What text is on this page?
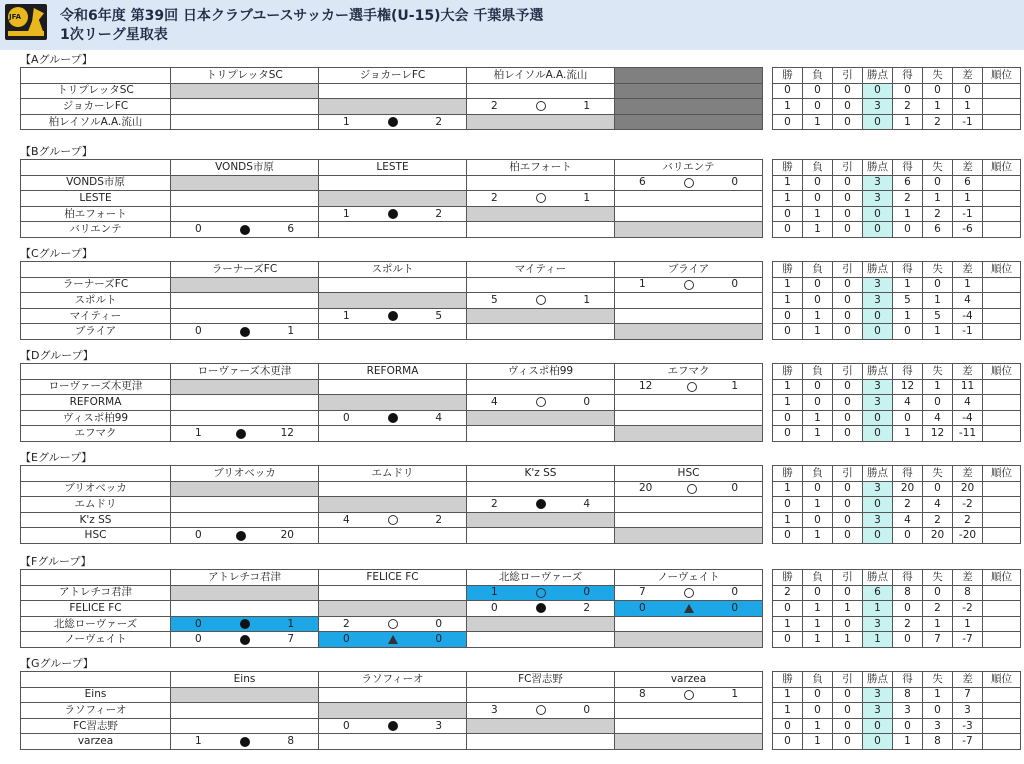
JFA	令和6年度 第39回 日本クラブユースサッカー選手権(U-15)大会 千葉県予選
1次リーグ星取表
【Aグループ】
	トリプレッタSC	ジョカーレFC	柏レイソルA.A.流山			勝	負	引	勝点	得	失	差	順位
トリプレッタSC						0	0	0	0	0	0	0	
ジョカーレFC			2 1			1	0	0	3	2	1	1	
柏レイソルA.A.流山		1 2				0	1	0	0	1	2	-1	
【Bグループ】
	VONDS市原	LESTE	柏エフォート	バリエンテ		勝	負	引	勝点	得	失	差	順位
VONDS市原				6 0		1	0	0	3	6	0	6	
LESTE			2 1			1	0	0	3	2	1	1	
柏エフォート		1 2				0	1	0	0	1	2	-1	
バリエンテ	0 6					0	1	0	0	0	6	-6	
【Cグループ】
	ラーナーズFC	スポルト	マイティー	ブライア		勝	負	引	勝点	得	失	差	順位
ラーナーズFC				1 0		1	0	0	3	1	0	1	
スポルト			5 1			1	0	0	3	5	1	4	
マイティー		1 5				0	1	0	0	1	5	-4	
ブライア	0 1					0	1	0	0	0	1	-1	
【Dグループ】
	ローヴァーズ木更津	REFORMA	ヴィスポ柏99	エフマク		勝	負	引	勝点	得	失	差	順位
ローヴァーズ木更津				12 1		1	0	0	3	12	1	11	
REFORMA			4 0			1	0	0	3	4	0	4	
ヴィスポ柏99		0 4				0	1	0	0	0	4	-4	
エフマク	1 12					0	1	0	0	1	12	-11	
【Eグループ】
	ブリオベッカ	エムドリ	K'z SS	HSC		勝	負	引	勝点	得	失	差	順位
ブリオベッカ				20 0		1	0	0	3	20	0	20	
エムドリ			2 4			0	1	0	0	2	4	-2	
K'z SS		4 2				1	0	0	3	4	2	2	
HSC	0 20					0	1	0	0	0	20	-20	
【Fグループ】
	アトレチコ君津	FELICE FC	北総ローヴァーズ	ノーヴェイト		勝	負	引	勝点	得	失	差	順位
アトレチコ君津			1 0	7 0		2	0	0	6	8	0	8	
FELICE FC			0 2	0 0		0	1	1	1	0	2	-2	
北総ローヴァーズ	0 1	2 0				1	1	0	3	2	1	1	
ノーヴェイト	0 7	0 0				0	1	1	1	0	7	-7	
【Gグループ】
	Eins	ラソフィーオ	FC習志野	varzea		勝	負	引	勝点	得	失	差	順位
Eins				8 1		1	0	0	3	8	1	7	
ラソフィーオ			3 0			1	0	0	3	3	0	3	
FC習志野		0 3				0	1	0	0	0	3	-3	
varzea	1 8					0	1	0	0	1	8	-7	
